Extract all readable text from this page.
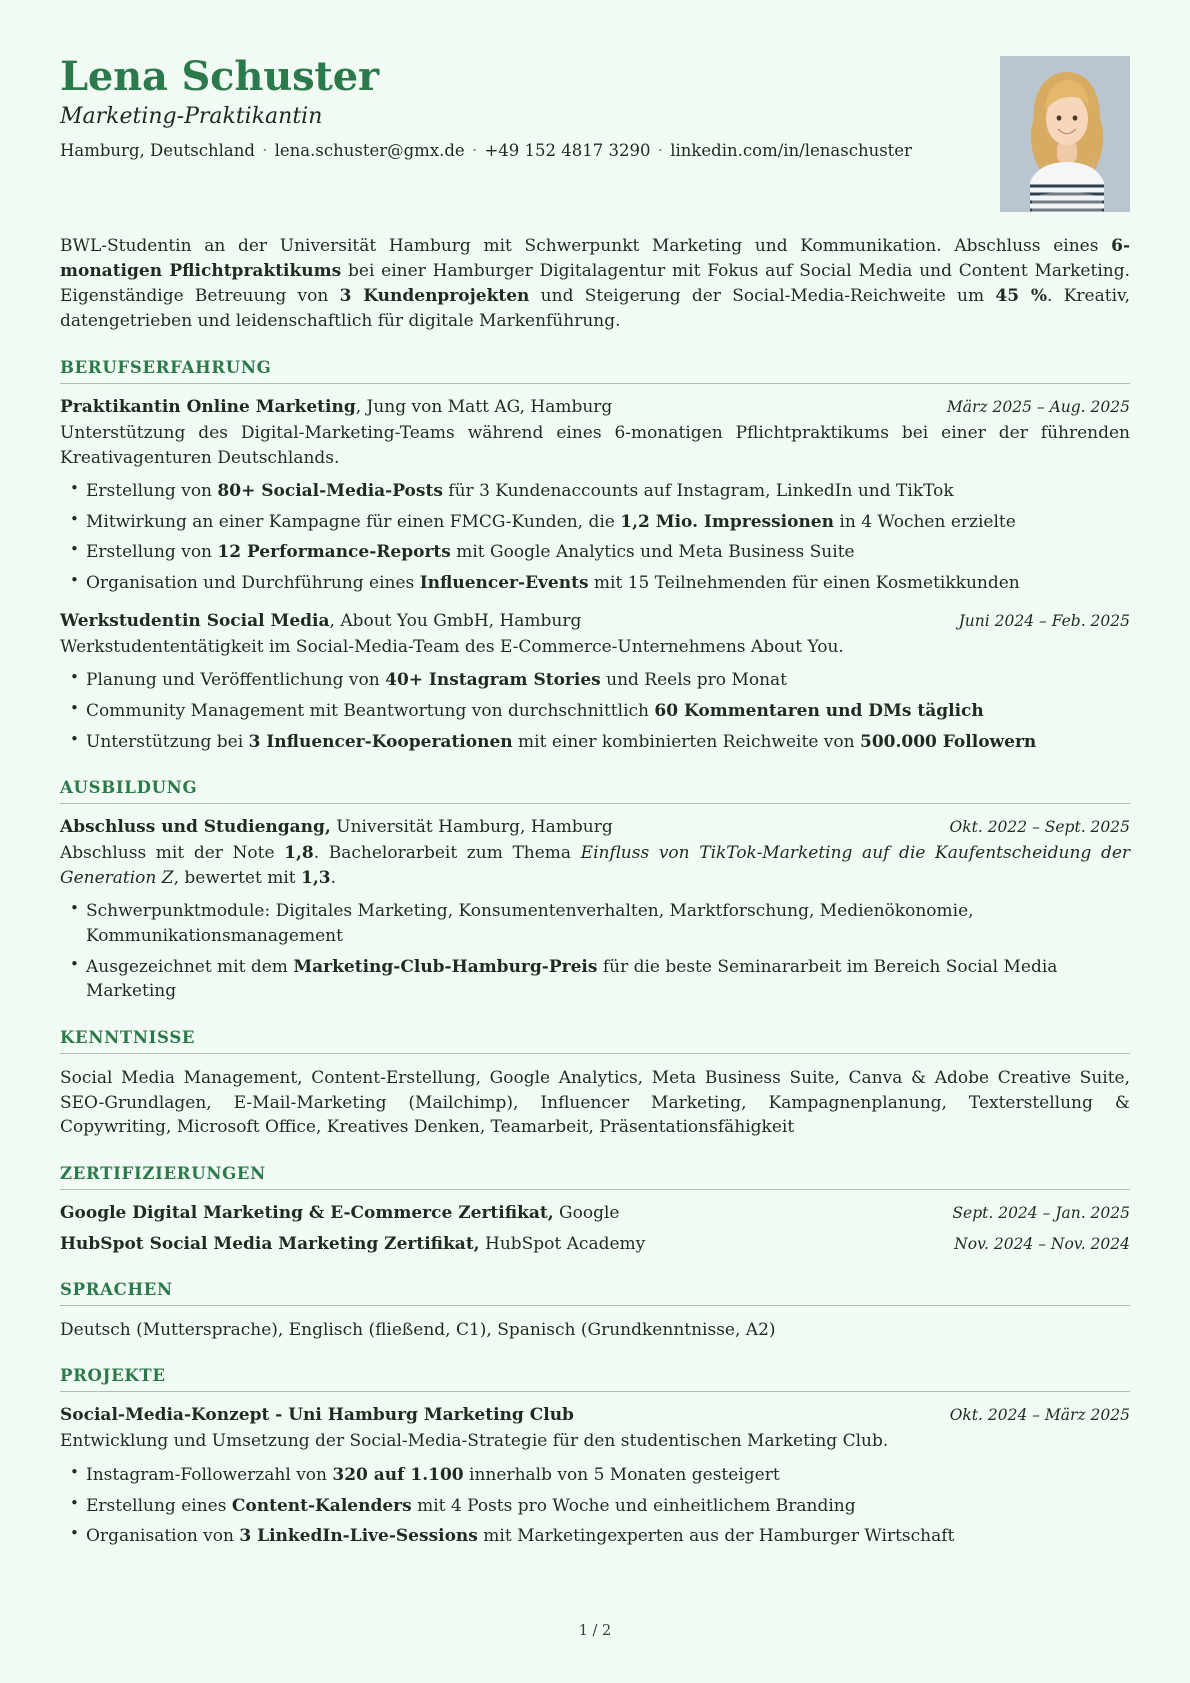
Lena Schuster
Marketing-Praktikantin
Hamburg, Deutschland · lena.schuster@gmx.de · +49 152 4817 3290 · linkedin.com/in/lenaschuster

BWL-Studentin an der Universität Hamburg mit Schwerpunkt Marketing und Kommunikation. Abschluss eines 6-monatigen Pflichtpraktikums bei einer Hamburger Digitalagentur mit Fokus auf Social Media und Content Marketing. Eigenständige Betreuung von 3 Kundenprojekten und Steigerung der Social-Media-Reichweite um 45 %. Kreativ, datengetrieben und leidenschaftlich für digitale Markenführung.

BERUFSERFAHRUNG
Praktikantin Online Marketing, Jung von Matt AG, Hamburg	März 2025 – Aug. 2025
Unterstützung des Digital-Marketing-Teams während eines 6-monatigen Pflichtpraktikums bei einer der führenden Kreativagenturen Deutschlands.
• Erstellung von 80+ Social-Media-Posts für 3 Kundenaccounts auf Instagram, LinkedIn und TikTok
• Mitwirkung an einer Kampagne für einen FMCG-Kunden, die 1,2 Mio. Impressionen in 4 Wochen erzielte
• Erstellung von 12 Performance-Reports mit Google Analytics und Meta Business Suite
• Organisation und Durchführung eines Influencer-Events mit 15 Teilnehmenden für einen Kosmetikkunden
Werkstudentin Social Media, About You GmbH, Hamburg	Juni 2024 – Feb. 2025
Werkstudententätigkeit im Social-Media-Team des E-Commerce-Unternehmens About You.
• Planung und Veröffentlichung von 40+ Instagram Stories und Reels pro Monat
• Community Management mit Beantwortung von durchschnittlich 60 Kommentaren und DMs täglich
• Unterstützung bei 3 Influencer-Kooperationen mit einer kombinierten Reichweite von 500.000 Followern
AUSBILDUNG
Abschluss und Studiengang, Universität Hamburg, Hamburg	Okt. 2022 – Sept. 2025
Abschluss mit der Note 1,8. Bachelorarbeit zum Thema Einfluss von TikTok-Marketing auf die Kaufentscheidung der Generation Z, bewertet mit 1,3.
• Schwerpunktmodule: Digitales Marketing, Konsumentenverhalten, Marktforschung, Medienökonomie, Kommunikationsmanagement
• Ausgezeichnet mit dem Marketing-Club-Hamburg-Preis für die beste Seminararbeit im Bereich Social Media Marketing
KENNTNISSE
Social Media Management, Content-Erstellung, Google Analytics, Meta Business Suite, Canva & Adobe Creative Suite, SEO-Grundlagen, E-Mail-Marketing (Mailchimp), Influencer Marketing, Kampagnenplanung, Texterstellung & Copywriting, Microsoft Office, Kreatives Denken, Teamarbeit, Präsentationsfähigkeit
ZERTIFIZIERUNGEN
Google Digital Marketing & E-Commerce Zertifikat, Google	Sept. 2024 – Jan. 2025
HubSpot Social Media Marketing Zertifikat, HubSpot Academy	Nov. 2024 – Nov. 2024
SPRACHEN
Deutsch (Muttersprache), Englisch (fließend, C1), Spanisch (Grundkenntnisse, A2)
PROJEKTE
Social-Media-Konzept - Uni Hamburg Marketing Club	Okt. 2024 – März 2025
Entwicklung und Umsetzung der Social-Media-Strategie für den studentischen Marketing Club.
• Instagram-Followerzahl von 320 auf 1.100 innerhalb von 5 Monaten gesteigert
• Erstellung eines Content-Kalenders mit 4 Posts pro Woche und einheitlichem Branding
• Organisation von 3 LinkedIn-Live-Sessions mit Marketingexperten aus der Hamburger Wirtschaft
1 / 2
